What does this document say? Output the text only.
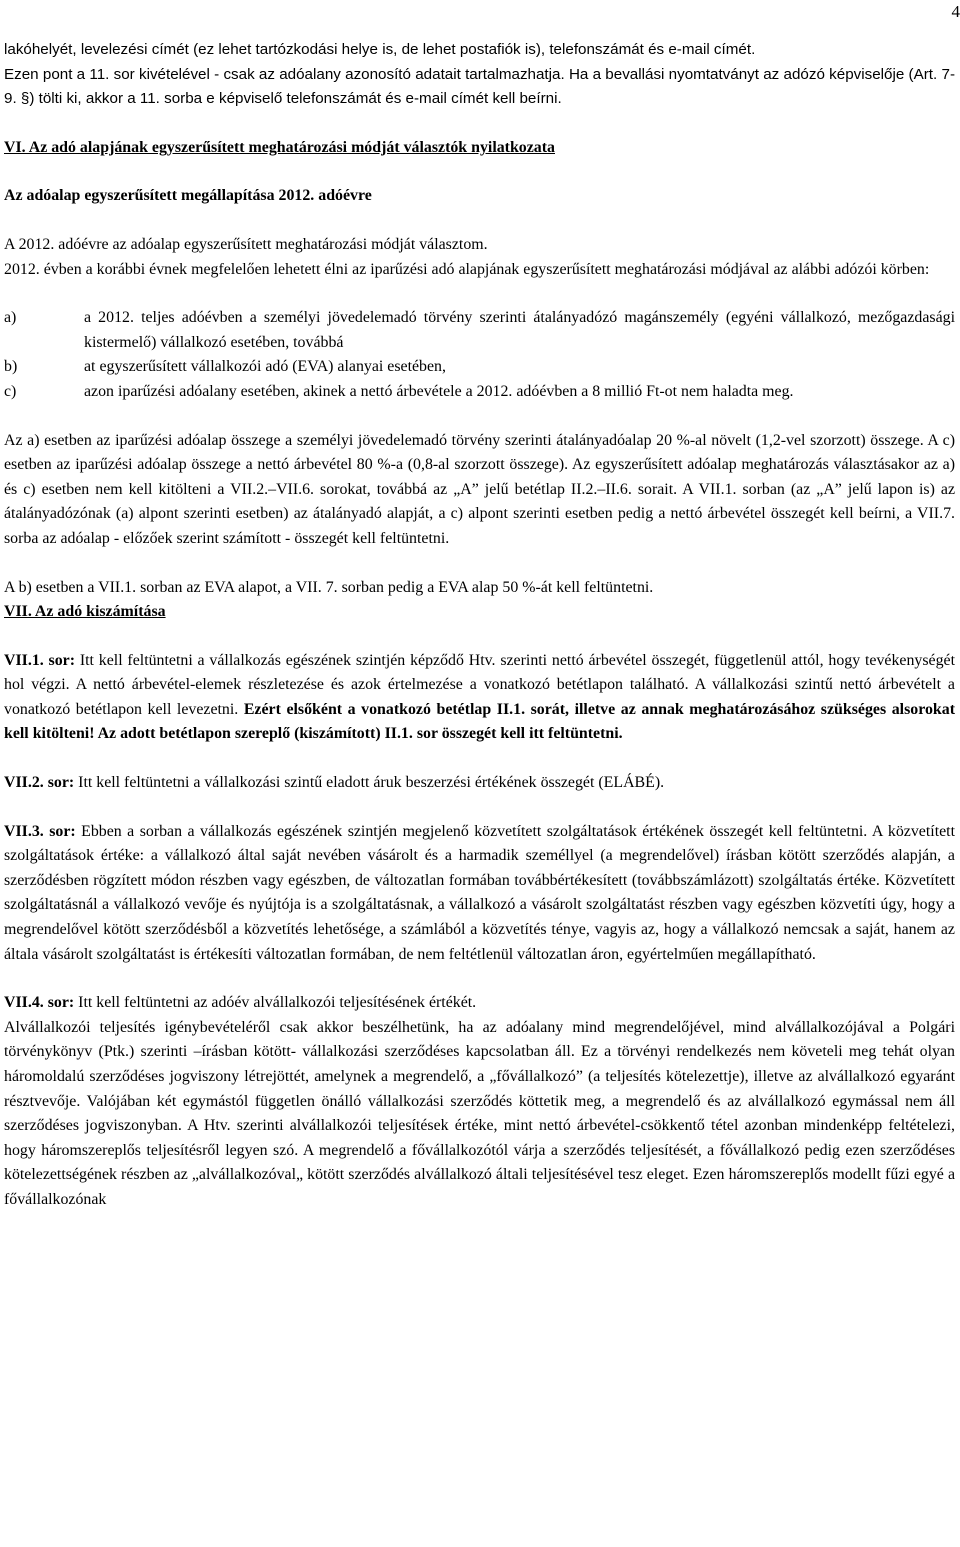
4

lakóhelyét, levelezési címét (ez lehet tartózkodási helye is, de lehet postafiók is), telefonszámát és e-mail címét.

Ezen pont a 11. sor kivételével - csak az adóalany azonosító adatait tartalmazhatja. Ha a bevallási nyomtatványt az adózó képviselője (Art. 7-9. §) tölti ki, akkor a 11. sorba e képviselő telefonszámát és e-mail címét kell beírni.

VI. Az adó alapjának egyszerűsített meghatározási módját választók nyilatkozata

Az adóalap egyszerűsített megállapítása 2012. adóévre

A 2012. adóévre az adóalap egyszerűsített meghatározási módját választom.

2012. évben a korábbi évnek megfelelően lehetett élni az iparűzési adó alapjának egyszerűsített meghatározási módjával az alábbi adózói körben:

a)	a 2012. teljes adóévben a személyi jövedelemadó törvény szerinti átalányadózó magánszemély (egyéni vállalkozó, mezőgazdasági kistermelő) vállalkozó esetében, továbbá
b)	at egyszerűsített vállalkozói adó (EVA) alanyai esetében,
c)	azon iparűzési adóalany esetében, akinek a nettó árbevétele a 2012. adóévben a 8 millió Ft-ot nem haladta meg.

Az a) esetben az iparűzési adóalap összege a személyi jövedelemadó törvény szerinti átalányadóalap 20 %-al növelt (1,2-vel szorzott) összege. A c) esetben az iparűzési adóalap összege a nettó árbevétel 80 %-a (0,8-al szorzott összege). Az egyszerűsített adóalap meghatározás választásakor az a) és c) esetben nem kell kitölteni a VII.2.–VII.6. sorokat, továbbá az „A” jelű betétlap II.2.–II.6. sorait. A VII.1. sorban (az „A” jelű lapon is) az átalányadózónak (a) alpont szerinti esetben) az átalányadó alapját, a c) alpont szerinti esetben pedig a nettó árbevétel összegét kell beírni, a VII.7. sorba az adóalap - előzőek szerint számított - összegét kell feltüntetni.

A b) esetben a VII.1. sorban az EVA alapot, a VII. 7. sorban pedig a EVA alap 50 %-át kell feltüntetni.

VII. Az adó kiszámítása

VII.1. sor: Itt kell feltüntetni a vállalkozás egészének szintjén képződő Htv. szerinti nettó árbevétel összegét, függetlenül attól, hogy tevékenységét hol végzi. A nettó árbevétel-elemek részletezése és azok értelmezése a vonatkozó betétlapon található. A vállalkozási szintű nettó árbevételt a vonatkozó betétlapon kell levezetni. Ezért elsőként a vonatkozó betétlap II.1. sorát, illetve az annak meghatározásához szükséges alsorokat kell kitölteni! Az adott betétlapon szereplő (kiszámított) II.1. sor összegét kell itt feltüntetni.

VII.2. sor: Itt kell feltüntetni a vállalkozási szintű eladott áruk beszerzési értékének összegét (ELÁBÉ).

VII.3. sor: Ebben a sorban a vállalkozás egészének szintjén megjelenő közvetített szolgáltatások értékének összegét kell feltüntetni. A közvetített szolgáltatások értéke: a vállalkozó által saját nevében vásárolt és a harmadik személlyel (a megrendelővel) írásban kötött szerződés alapján, a szerződésben rögzített módon részben vagy egészben, de változatlan formában továbbértékesített (továbbszámlázott) szolgáltatás értéke. Közvetített szolgáltatásnál a vállalkozó vevője és nyújtója is a szolgáltatásnak, a vállalkozó a vásárolt szolgáltatást részben vagy egészben közvetíti úgy, hogy a megrendelővel kötött szerződésből a közvetítés lehetősége, a számlából a közvetítés ténye, vagyis az, hogy a vállalkozó nemcsak a saját, hanem az általa vásárolt szolgáltatást is értékesíti változatlan formában, de nem feltétlenül változatlan áron, egyértelműen megállapítható.

VII.4. sor: Itt kell feltüntetni az adóév alvállalkozói teljesítésének értékét.

Alvállalkozói teljesítés igénybevételéről csak akkor beszélhetünk, ha az adóalany mind megrendelőjével, mind alvállalkozójával a Polgári törvénykönyv (Ptk.) szerinti –írásban kötött- vállalkozási szerződéses kapcsolatban áll. Ez a törvényi rendelkezés nem követeli meg tehát olyan háromoldalú szerződéses jogviszony létrejöttét, amelynek a megrendelő, a „fővállalkozó” (a teljesítés kötelezettje), illetve az alvállalkozó egyaránt résztvevője. Valójában két egymástól független önálló vállalkozási szerződés köttetik meg, a megrendelő és az alvállalkozó egymással nem áll szerződéses jogviszonyban. A Htv. szerinti alvállalkozói teljesítések értéke, mint nettó árbevétel-csökkentő tétel azonban mindenképp feltételezi, hogy háromszereplős teljesítésről legyen szó. A megrendelő a fővállalkozótól várja a szerződés teljesítését, a fővállalkozó pedig ezen szerződéses kötelezettségének részben az „alvállalkozóval„ kötött szerződés alvállalkozó általi teljesítésével tesz eleget. Ezen háromszereplős modellt fűzi egyé a fővállalkozónak
